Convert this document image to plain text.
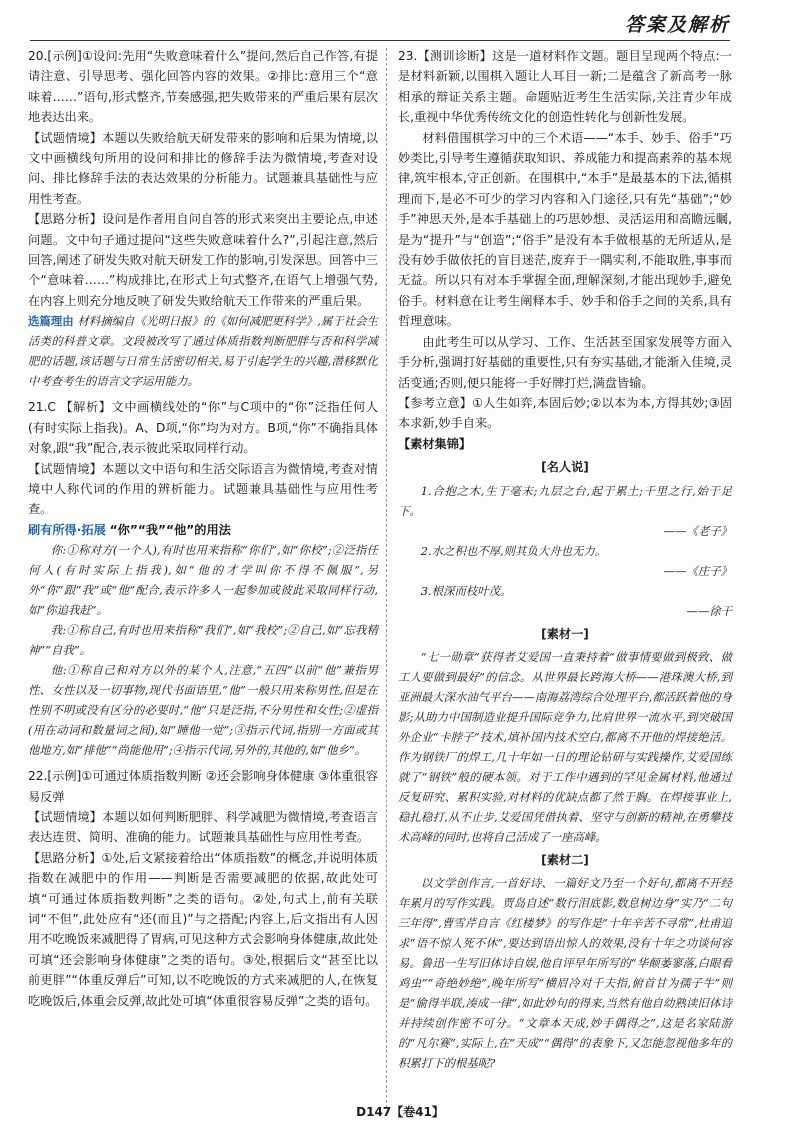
答案及解析

20.[示例]①设问:先用“失败意味着什么”提问,然后自己作答,有提请注意、引导思考、强化回答内容的效果。②排比:意用三个“意味着……”语句,形式整齐,节奏感强,把失败带来的严重后果有层次地表达出来。

【试题情境】本题以失败给航天研发带来的影响和后果为情境,以文中画横线句所用的设问和排比的修辞手法为微情境,考查对设问、排比修辞手法的表达效果的分析能力。试题兼具基础性与应用性考查。

【思路分析】设问是作者用自问自答的形式来突出主要论点,申述问题。文中句子通过提问“这些失败意味着什么?”,引起注意,然后回答,阐述了研发失败对航天研发工作的影响,引发深思。回答中三个“意味着……”构成排比,在形式上句式整齐,在语气上增强气势,在内容上则充分地反映了研发失败给航天工作带来的严重后果。

选篇理由 材料摘编自《光明日报》的《如何减肥更科学》,属于社会生活类的科普文章。文段被改写了通过体质指数判断肥胖与否和科学减肥的话题,该话题与日常生活密切相关,易于引起学生的兴趣,潜移默化中考查考生的语言文字运用能力。

21.C 【解析】文中画横线处的“你”与C项中的“你”泛指任何人(有时实际上指我)。A、D项,“你”均为对方。B项,“你”不确指具体对象,跟“我”配合,表示彼此采取同样行动。

【试题情境】本题以文中语句和生活交际语言为微情境,考查对情境中人称代词的作用的辨析能力。试题兼具基础性与应用性考查。

刷有所得·拓展 “你”“我”“他”的用法

你:①称对方(一个人),有时也用来指称“你们”,如“你校”;②泛指任何人(有时实际上指我),如“他的才学叫你不得不佩服”,另外“你”跟“我”或“他”配合,表示许多人一起参加或彼此采取同样行动,如“你追我赶”。

我:①称自己,有时也用来指称“我们”,如“我校”;②自己,如“忘我精神”“自我”。

他:①称自己和对方以外的某个人,注意,“五四”以前“他”兼指男性、女性以及一切事物,现代书面语里,“他”一般只用来称男性,但是在性别不明或没有区分的必要时,“他”只是泛指,不分男性和女性;②虚指(用在动词和数量词之间),如“睡他一觉”;③指示代词,指别一方面或其他地方,如“排他”“尚能他用”;④指示代词,另外的,其他的,如“他乡”。

22.[示例]①可通过体质指数判断 ②还会影响身体健康 ③体重很容易反弹

【试题情境】本题以如何判断肥胖、科学减肥为微情境,考查语言表达连贯、简明、准确的能力。试题兼具基础性与应用性考查。

【思路分析】①处,后文紧接着给出“体质指数”的概念,并说明体质指数在减肥中的作用——判断是否需要减肥的依据,故此处可填“可通过体质指数判断”之类的语句。②处,句式上,前有关联词“不但”,此处应有“还(而且)”与之搭配;内容上,后文指出有人因用不吃晚饭来减肥得了胃病,可见这种方式会影响身体健康,故此处可填“还会影响身体健康”之类的语句。③处,根据后文“甚至比以前更胖”“体重反弹后”可知,以不吃晚饭的方式来减肥的人,在恢复吃晚饭后,体重会反弹,故此处可填“体重很容易反弹”之类的语句。

23.【测训诊断】这是一道材料作文题。题目呈现两个特点:一是材料新颖,以围棋入题让人耳目一新;二是蕴含了新高考一脉相承的辩证关系主题。命题贴近考生生活实际,关注青少年成长,重视中华优秀传统文化的创造性转化与创新性发展。

材料借围棋学习中的三个术语——“本手、妙手、俗手”巧妙类比,引导考生遵循获取知识、养成能力和提高素养的基本规律,筑牢根本,守正创新。在围棋中,“本手”是最基本的下法,循棋理而下,是必不可少的学习内容和入门途径,只有先“基础”;“妙手”神思天外,是本手基础上的巧思妙想、灵活运用和高瞻远瞩,是为“提升”与“创造”;“俗手”是没有本手做根基的无所适从,是没有妙手做依托的盲目迷茫,废弃于一隅实利,不能取胜,事事而无益。所以只有对本手掌握全面,理解深刻,才能出现妙手,避免俗手。材料意在让考生阐释本手、妙手和俗手之间的关系,具有哲理意味。

由此考生可以从学习、工作、生活甚至国家发展等方面入手分析,强调打好基础的重要性,只有夯实基础,才能渐入佳境,灵活变通;否则,便只能将一手好牌打烂,满盘皆输。

【参考立意】①人生如弈,本固后妙;②以本为本,方得其妙;③固本求新,妙手自来。

【素材集锦】

[名人说]

1.合抱之木,生于毫末;九层之台,起于累土;千里之行,始于足下。

——《老子》

2.水之积也不厚,则其负大舟也无力。

——《庄子》

3.根深而枝叶茂。

——徐干

[素材一]

“七一勋章”获得者艾爱国一直秉持着“做事情要做到极致、做工人要做到最好”的信念。从世界最长跨海大桥——港珠澳大桥,到亚洲最大深水油气平台——南海荔湾综合处理平台,都活跃着他的身影;从助力中国制造业提升国际竞争力,比肩世界一流水平,到突破国外企业“卡脖子”技术,填补国内技术空白,都离不开他的焊接绝活。作为钢铁厂的焊工,几十年如一日的理论钻研与实践操作,艾爱国练就了“钢铁”般的硬本领。对于工作中遇到的罕见金属材料,他通过反复研究、累积实验,对材料的优缺点都了然于胸。在焊接事业上,稳扎稳打,从不止步,艾爱国凭借执着、坚守与创新的精神,在勇攀技术高峰的同时,也将自己活成了一座高峰。

[素材二]

以文学创作言,一首好诗、一篇好文乃至一个好句,都离不开经年累月的写作实践。贾岛自述“数行泪底影,数息树边身”实乃“二句三年得”,曹雪芹自言《红楼梦》的写作是“十年辛苦不寻常”,杜甫追求“语不惊人死不休”,要达到语出惊人的效果,没有十年之功谈何容易。鲁迅一生写旧体诗自娱,他自评早年所写的“华颠萎寥落,白眼看鸡虫”“奇绝妙绝”,晚年所写“横眉冷对千夫指,俯首甘为孺子牛”则是“偷得半联,凑成一律”,如此妙句的得来,当然有他自幼熟读旧体诗并持续创作密不可分。“文章本天成,妙手偶得之”,这是名家陆游的“凡尔赛”,实际上,在“天成”“偶得”的表象下,又怎能忽视他多年的积累打下的根基呢?

D147【卷41】
